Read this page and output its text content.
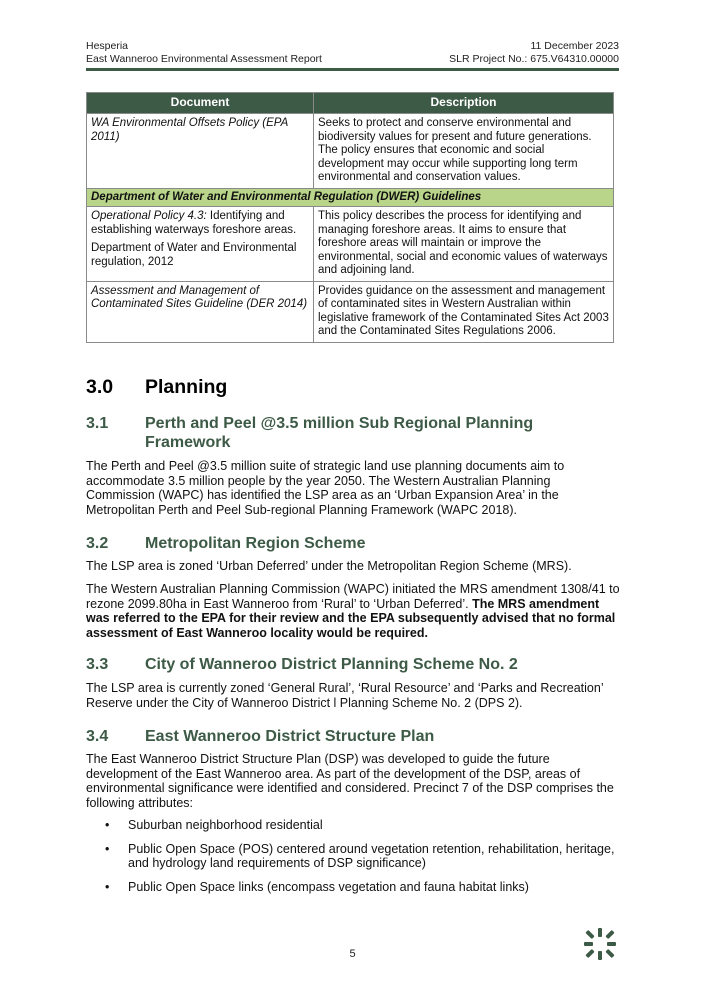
Hesperia
East Wanneroo Environmental Assessment Report
11 December 2023
SLR Project No.: 675.V64310.00000
Document	Description
WA Environmental Offsets Policy (EPA 2011)	Seeks to protect and conserve environmental and biodiversity values for present and future generations. The policy ensures that economic and social development may occur while supporting long term environmental and conservation values.
Department of Water and Environmental Regulation (DWER) Guidelines	

Operational Policy 4.3: Identifying and establishing waterways foreshore areas.
Department of Water and Environmental regulation, 2012	This policy describes the process for identifying and managing foreshore areas. It aims to ensure that foreshore areas will maintain or improve the environmental, social and economic values of waterways and adjoining land.
Assessment and Management of Contaminated Sites Guideline (DER 2014)	Provides guidance on the assessment and management of contaminated sites in Western Australian within legislative framework of the Contaminated Sites Act 2003 and the Contaminated Sites Regulations 2006.
3.0 Planning
3.1 Perth and Peel @3.5 million Sub Regional Planning Framework
The Perth and Peel @3.5 million suite of strategic land use planning documents aim to accommodate 3.5 million people by the year 2050. The Western Australian Planning Commission (WAPC) has identified the LSP area as an ‘Urban Expansion Area’ in the Metropolitan Perth and Peel Sub-regional Planning Framework (WAPC 2018).
3.2 Metropolitan Region Scheme
The LSP area is zoned ‘Urban Deferred’ under the Metropolitan Region Scheme (MRS).
The Western Australian Planning Commission (WAPC) initiated the MRS amendment 1308/41 to rezone 2099.80ha in East Wanneroo from ‘Rural’ to ‘Urban Deferred’. The MRS amendment was referred to the EPA for their review and the EPA subsequently advised that no formal assessment of East Wanneroo locality would be required.
3.3 City of Wanneroo District Planning Scheme No. 2
The LSP area is currently zoned ‘General Rural’, ‘Rural Resource’ and ‘Parks and Recreation’ Reserve under the City of Wanneroo District l Planning Scheme No. 2 (DPS 2).
3.4 East Wanneroo District Structure Plan
The East Wanneroo District Structure Plan (DSP) was developed to guide the future development of the East Wanneroo area. As part of the development of the DSP, areas of environmental significance were identified and considered. Precinct 7 of the DSP comprises the following attributes:
• Suburban neighborhood residential
• Public Open Space (POS) centered around vegetation retention, rehabilitation, heritage, and hydrology land requirements of DSP significance)
• Public Open Space links (encompass vegetation and fauna habitat links)
5
